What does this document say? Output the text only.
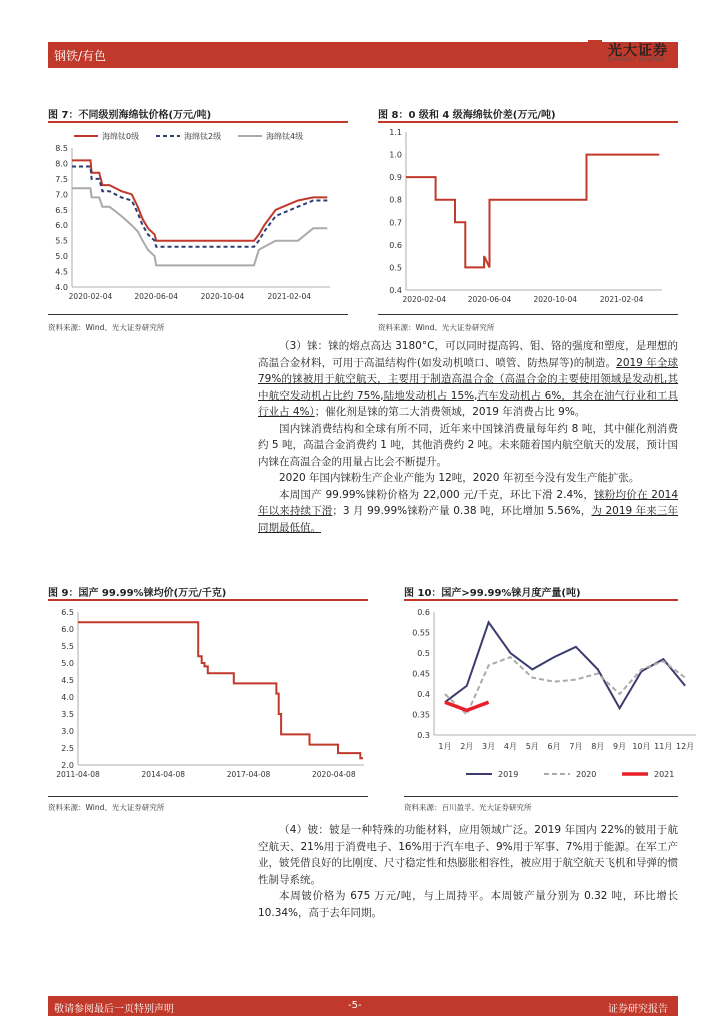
钢铁/有色	光大证券
EVERBRIGHT SECURITIES
图 7：不同级别海绵钛价格(万元/吨)
8.5
8.0
7.5
7.0
6.5
6.0
5.5
5.0
4.5
4.0
2020-02-04	2020-06-04	2020-10-04	2021-02-04
海绵钛0级	海绵钛2级	海绵钛4级
资料来源：Wind、光大证券研究所
图 8：0 级和 4 级海绵钛价差(万元/吨)
1.1
1.0
0.9
0.8
0.7
0.6
0.5
0.4
2020-02-04	2020-06-04	2020-10-04	2021-02-04
资料来源：Wind、光大证券研究所

（3）铼：铼的熔点高达 3180°C，可以同时提高钨、钼、铬的强度和塑度，是理想的高温合金材料，可用于高温结构件(如发动机喷口、喷管、防热屏等)的制造。2019 年全球 79%的铼被用于航空航天，主要用于制造高温合金（高温合金的主要使用领域是发动机,其中航空发动机占比约 75%,陆地发动机占 15%,汽车发动机占 6%，其余在油气行业和工具行业占 4%）；催化剂是铼的第二大消费领域，2019 年消费占比 9%。

国内铼消费结构和全球有所不同，近年来中国铼消费量每年约 8 吨，其中催化剂消费约 5 吨，高温合金消费约 1 吨，其他消费约 2 吨。未来随着国内航空航天的发展，预计国内铼在高温合金的用量占比会不断提升。

2020 年国内铼粉生产企业产能为 12吨，2020 年初至今没有发生产能扩张。

本周国产 99.99%铼粉价格为 22,000 元/千克，环比下滑 2.4%，铼粉均价在 2014 年以来持续下滑；3 月 99.99%铼粉产量 0.38 吨，环比增加 5.56%，为 2019 年来三年同期最低值。

图 9：国产 99.99%铼均价(万元/千克)
6.5
6.0
5.5
5.0
4.5
4.0
3.5
3.0
2.5
2.0
2011-04-08	2014-04-08	2017-04-08	2020-04-08
资料来源：Wind、光大证券研究所
图 10：国产>99.99%铼月度产量(吨)
0.6
0.55
0.5
0.45
0.4
0.35
0.3
1月 2月 3月 4月 5月 6月 7月 8月 9月 10月 11月 12月
2019	2020	2021
资料来源：百川盈孚、光大证券研究所

（4）铍：铍是一种特殊的功能材料，应用领域广泛。2019 年国内 22%的铍用于航空航天、21%用于消费电子、16%用于汽车电子、9%用于军事、7%用于能源。在军工产业，铍凭借良好的比刚度、尺寸稳定性和热膨胀相容性，被应用于航空航天飞机和导弹的惯性制导系统。

本周铍价格为 675 万元/吨，与上周持平。本周铍产量分别为 0.32 吨，环比增长 10.34%，高于去年同期。

敬请参阅最后一页特别声明	-5-	证券研究报告
